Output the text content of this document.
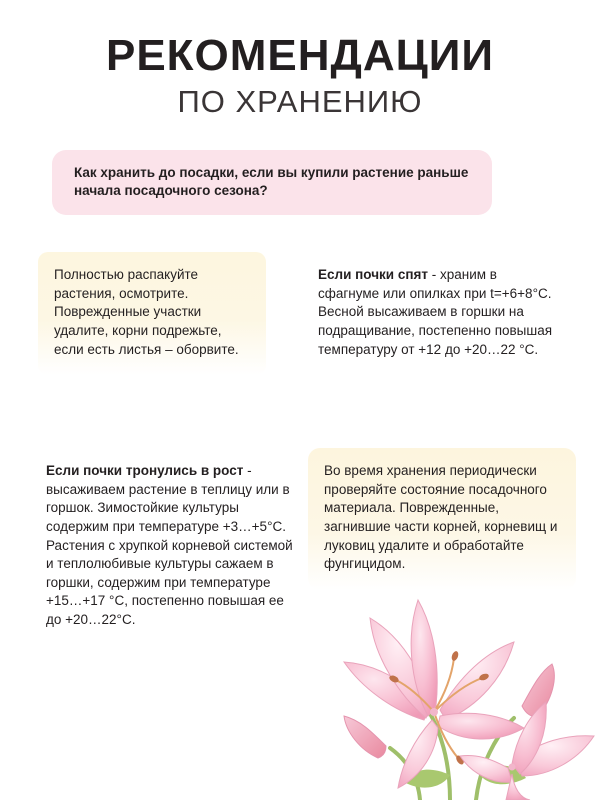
РЕКОМЕНДАЦИИ
ПО ХРАНЕНИЮ
Как хранить до посадки, если вы купили растение раньше начала посадочного сезона?

Полностью распакуйте растения, осмотрите. Поврежденные участки удалите, корни подрежьте, если есть листья – оборвите.

Если почки спят - храним в сфагнуме или опилках при t=+6+8°С. Весной высаживаем в горшки на подращивание, постепенно повышая температуру от +12 до +20…22 °С.

Если почки тронулись в рост - высаживаем растение в теплицу или в горшок. Зимостойкие культуры содержим при температуре +3…+5°С. Растения с хрупкой корневой системой и теплолюбивые культуры сажаем в горшки, содержим при температуре +15…+17 °С, постепенно повышая ее до +20…22°С.

Во время хранения периодически проверяйте состояние посадочного материала. Поврежденные, загнившие части корней, корневищ и луковиц удалите и обработайте фунгицидом.
